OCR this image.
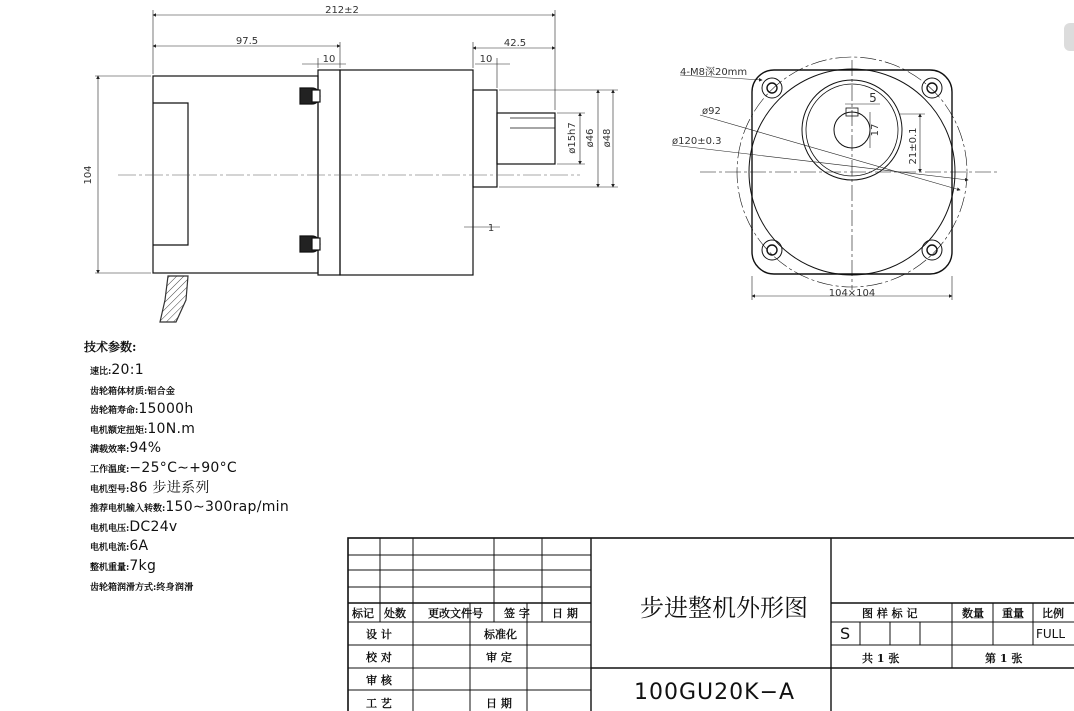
212±2
97.5	42.5
10	10
104
ø15h7 ø46 ø48
1
4-M8深20mm
ø92
ø120±0.3
104×104
5
17	21±0.1
技术参数:
速比:20:1
齿轮箱体材质:铝合金
齿轮箱寿命:15000h
电机额定扭矩:10N.m
满载效率:94%
工作温度:−25°C∼+90°C
电机型号:86 步进系列
推荐电机输入转数:150∼300rap/min
电机电压:DC24v
电机电流:6A
整机重量:7kg
齿轮箱润滑方式:终身润滑
标记 处数 更改文件号 签 字 日 期
设 计	标准化
校 对	审 定
审 核
工 艺	日 期
步进整机外形图
100GU20K−A
图 样 标 记	数量 重量 比例
S	FULL
共 1 张	第 1 张
